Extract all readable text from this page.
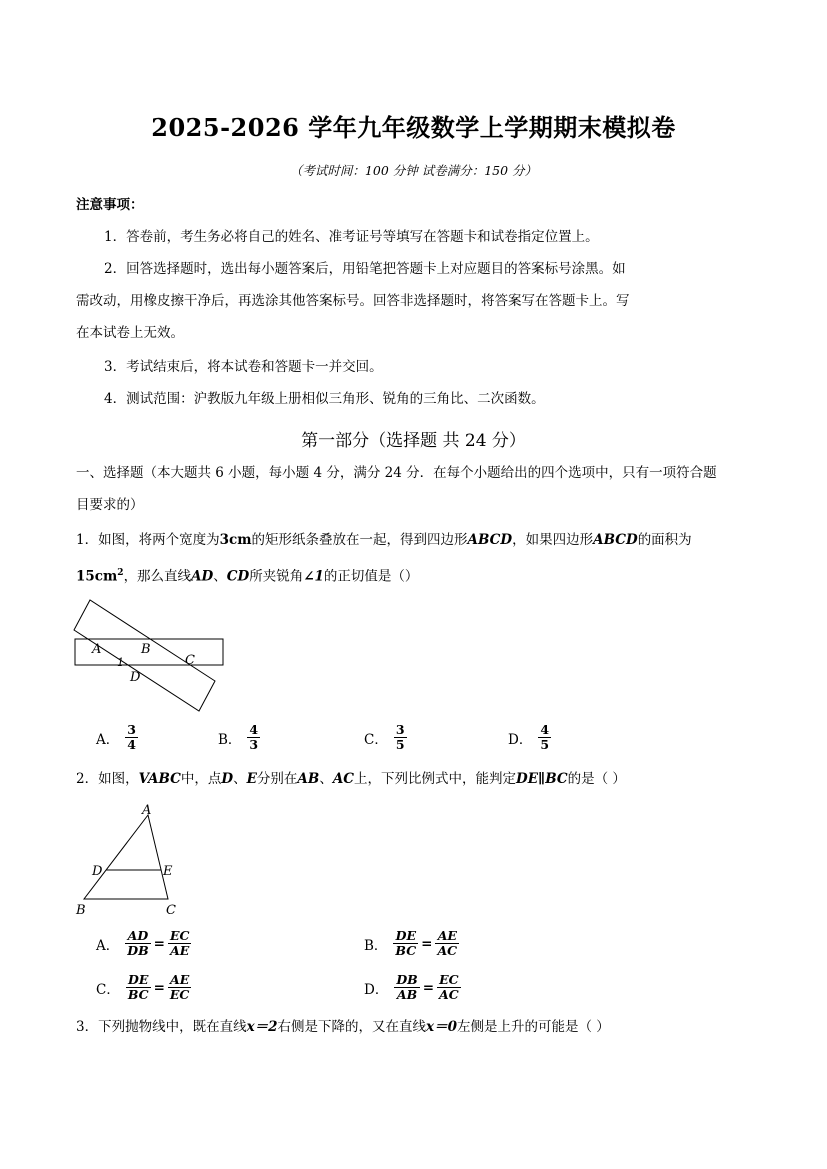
2025-2026 学年九年级数学上学期期末模拟卷
（考试时间：100 分钟 试卷满分：150 分）
注意事项：
1．答卷前，考生务必将自己的姓名、准考证号等填写在答题卡和试卷指定位置上。
2．回答选择题时，选出每小题答案后，用铅笔把答题卡上对应题目的答案标号涂黑。如
需改动，用橡皮擦干净后，再选涂其他答案标号。回答非选择题时，将答案写在答题卡上。写
在本试卷上无效。
3．考试结束后，将本试卷和答题卡一并交回。
4．测试范围：沪教版九年级上册相似三角形、锐角的三角比、二次函数。
第一部分（选择题 共 24 分）
一、选择题（本大题共 6 小题，每小题 4 分，满分 24 分．在每个小题给出的四个选项中，只有一项符合题
目要求的）
1．如图，将两个宽度为3cm的矩形纸条叠放在一起，得到四边形ABCD，如果四边形ABCD的面积为
$15cm^2$，那么直线AD、CD所夹锐角∠1的正切值是（）
A	B
C
D
1
A． $\frac{3}{4}$	B． $\frac{4}{3}$	C． $\frac{3}{5}$	D． $\frac{4}{5}$
2．如图，VABC中，点D、E分别在AB、AC上，下列比例式中，能判定DE∥BC的是（ ）
A
B	C
D	E
A． $\frac{AD}{DB} = \frac{EC}{AE}$	B． $\frac{DE}{BC} = \frac{AE}{AC}$
C． $\frac{DE}{BC} = \frac{AE}{EC}$	D． $\frac{DB}{AB} = \frac{EC}{AC}$
3．下列抛物线中，既在直线x＝2右侧是下降的，又在直线x＝0左侧是上升的可能是（ ）
